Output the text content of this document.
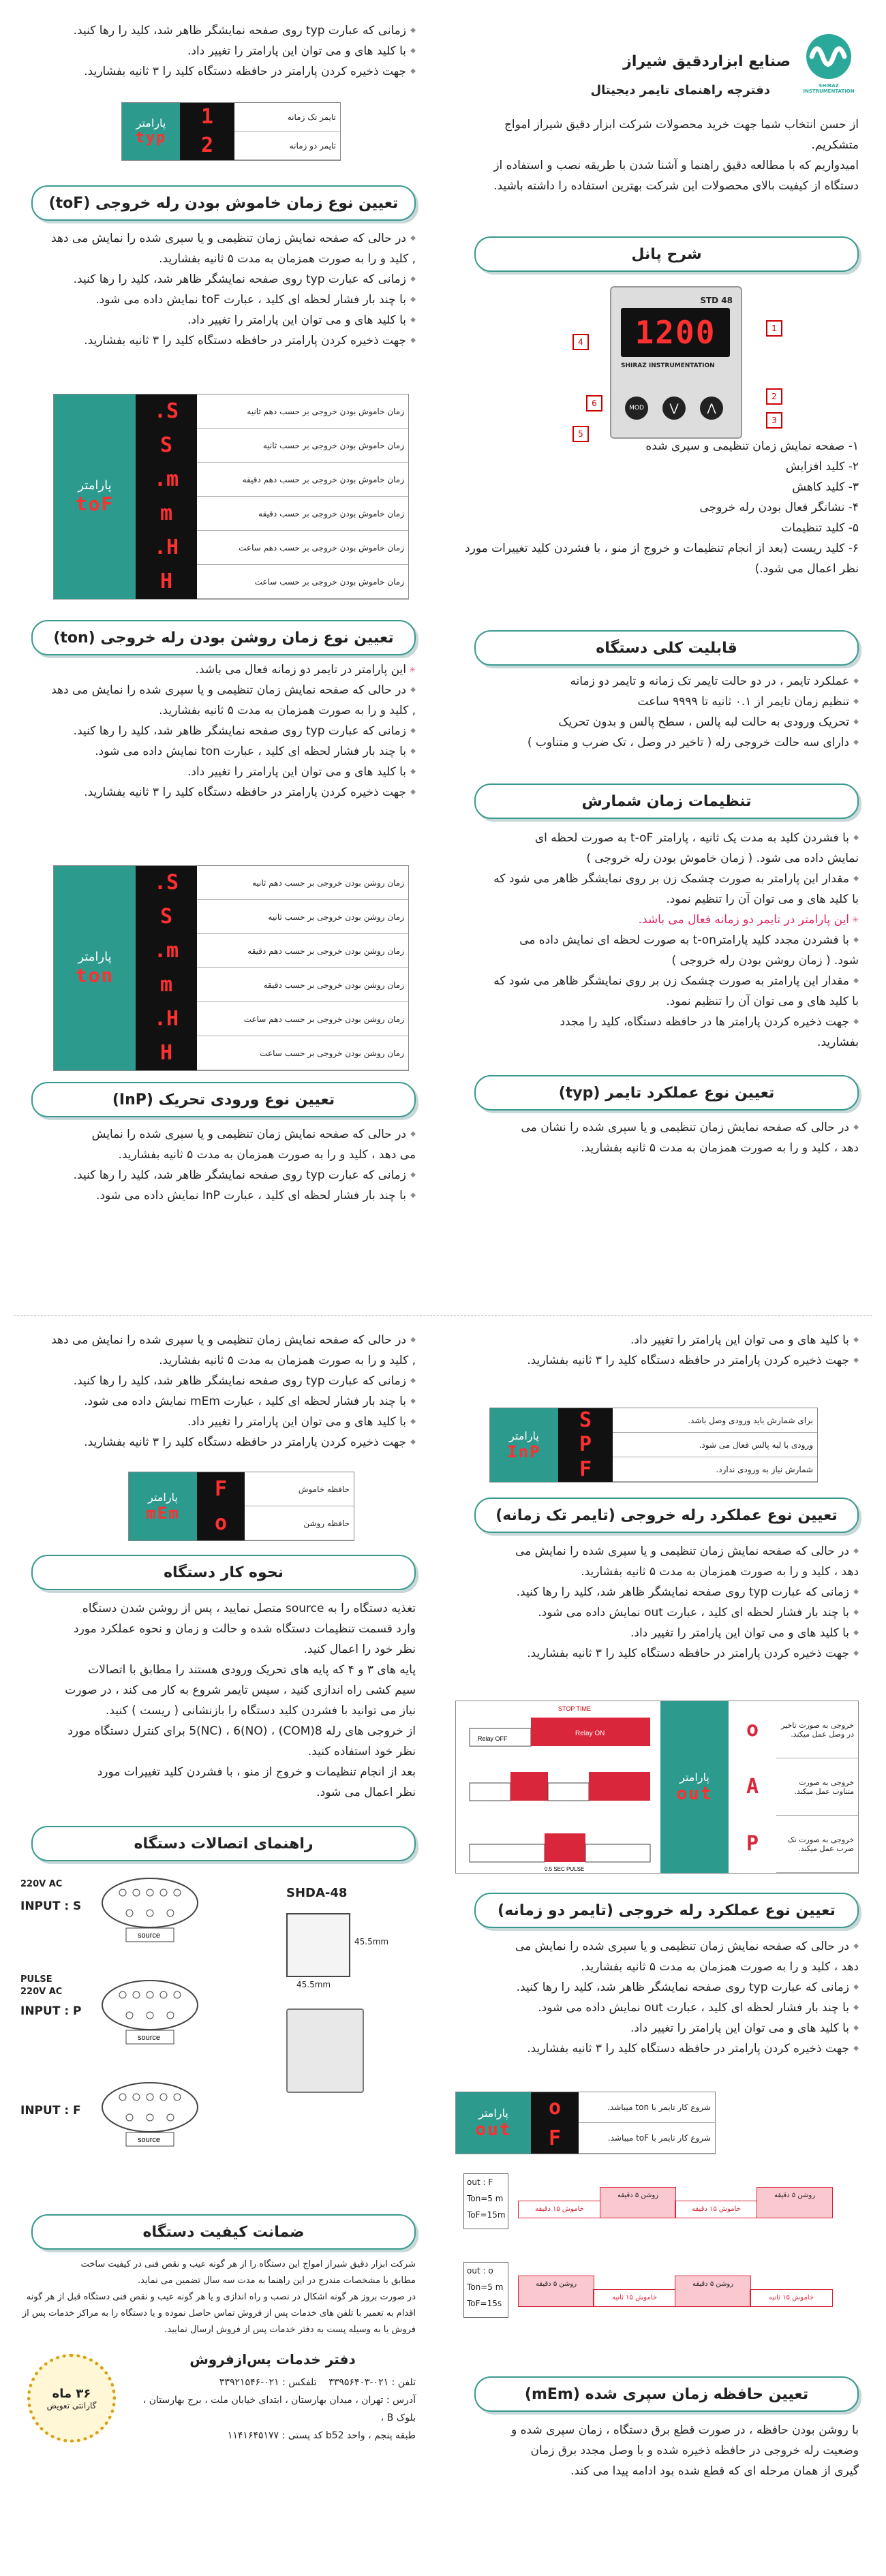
SHIRAZ INSTRUMENTATION
صنایع ابزاردقیق شیراز
دفترچه راهنمای تایمر دیجیتال

از حسن انتخاب شما جهت خرید محصولات شرکت ابزار دقیق شیراز امواج

متشکریم.

امیدواریم که با مطالعه دقیق راهنما و آشنا شدن با طریقه نصب و استفاده از

دستگاه از کیفیت بالای محصولات این شرکت بهترین استفاده را داشته باشید.

شرح پانل
STD 48
1200
SHIRAZ INSTRUMENTATION
MOD	⋁	⋀
1
2
3
4
5
6

۱- صفحه نمایش زمان تنظیمی و سپری شده

۲- کلید افزایش

۳- کلید کاهش

۴- نشانگر فعال بودن رله خروجی

۵- کلید تنظیمات

۶- کلید ریست (بعد از انجام تنظیمات و خروج از منو ، با فشردن کلید تغییرات مورد نظر اعمال می شود.)

قابلیت کلی دستگاه

◆ عملکرد تایمر ، در دو حالت تایمر تک زمانه و تایمر دو زمانه

◆ تنظیم زمان تایمر از ۰.۱ ثانیه تا ۹۹۹۹ ساعت

◆ تحریک ورودی به حالت لبه پالس ، سطح پالس و بدون تحریک

◆ دارای سه حالت خروجی رله ( تاخیر در وصل ، تک ضرب و متناوب )

تنظیمات زمان شمارش

◆ با فشردن کلید به مدت یک ثانیه ، پارامتر t-oF به صورت لحظه ای

نمایش داده می شود. ( زمان خاموش بودن رله خروجی )

◆ مقدار این پارامتر به صورت چشمک زن بر روی نمایشگر ظاهر می شود که

با کلید های و می توان آن را تنظیم نمود.

✳ این پارامتر در تایمر دو زمانه فعال می باشد.

◆ با فشردن مجدد کلید پارامترt-on به صورت لحظه ای نمایش داده می

شود. ( زمان روشن بودن رله خروجی )

◆ مقدار این پارامتر به صورت چشمک زن بر روی نمایشگر ظاهر می شود که

با کلید های و می توان آن را تنظیم نمود.

◆ جهت ذخیره کردن پارامتر ها در حافظه دستگاه، کلید را مجدد

بفشارید.

تعیین نوع عملکرد تایمر (typ)

◆ در حالی که صفحه نمایش زمان تنظیمی و یا سپری شده را نشان می

دهد ، کلید و را به صورت همزمان به مدت ۵ ثانیه بفشارید.

◆ زمانی که عبارت typ روی صفحه نمایشگر ظاهر شد، کلید را رها کنید.

◆ با کلید های و می توان این پارامتر را تغییر داد.

◆ جهت ذخیره کردن پارامتر در حافظه دستگاه کلید را ۳ ثانیه بفشارید.

تایمر تک زمانه
تایمر دو زمانه
1
2
پارامتر
typ
تعیین نوع زمان خاموش بودن رله خروجی (toF)

◆ در حالی که صفحه نمایش زمان تنظیمی و یا سپری شده را نمایش می دهد

, کلید و را به صورت همزمان به مدت ۵ ثانیه بفشارید.

◆ زمانی که عبارت typ روی صفحه نمایشگر ظاهر شد، کلید را رها کنید.

◆ با چند بار فشار لحظه ای کلید ، عبارت toF نمایش داده می شود.

◆ با کلید های و می توان این پارامتر را تغییر داد.

◆ جهت ذخیره کردن پارامتر در حافظه دستگاه کلید را ۳ ثانیه بفشارید.

زمان خاموش بودن خروجی بر حسب دهم ثانیه
زمان خاموش بودن خروجی بر حسب ثانیه
زمان خاموش بودن خروجی بر حسب دهم دقیقه
زمان خاموش بودن خروجی بر حسب دقیقه
زمان خاموش بودن خروجی بر حسب دهم ساعت
زمان خاموش بودن خروجی بر حسب ساعت
S.
S
m.
m
H.
H
پارامتر
toF
تعیین نوع زمان روشن بودن رله خروجی (ton)

✳ این پارامتر در تایمر دو زمانه فعال می باشد.

◆ در حالی که صفحه نمایش زمان تنظیمی و یا سپری شده را نمایش می دهد

, کلید و را به صورت همزمان به مدت ۵ ثانیه بفشارید.

◆ زمانی که عبارت typ روی صفحه نمایشگر ظاهر شد، کلید را رها کنید.

◆ با چند بار فشار لحظه ای کلید ، عبارت ton نمایش داده می شود.

◆ با کلید های و می توان این پارامتر را تغییر داد.

◆ جهت ذخیره کردن پارامتر در حافظه دستگاه کلید را ۳ ثانیه بفشارید.

زمان روشن بودن خروجی بر حسب دهم ثانیه
زمان روشن بودن خروجی بر حسب ثانیه
زمان روشن بودن خروجی بر حسب دهم دقیقه
زمان روشن بودن خروجی بر حسب دقیقه
زمان روشن بودن خروجی بر حسب دهم ساعت
زمان روشن بودن خروجی بر حسب ساعت
S.
S
m.
m
H.
H
پارامتر
ton
تعیین نوع ورودی تحریک (InP)

◆ در حالی که صفحه نمایش زمان تنظیمی و یا سپری شده را نمایش

می دهد ، کلید و را به صورت همزمان به مدت ۵ ثانیه بفشارید.

◆ زمانی که عبارت typ روی صفحه نمایشگر ظاهر شد، کلید را رها کنید.

◆ با چند بار فشار لحظه ای کلید ، عبارت InP نمایش داده می شود.

◆ با کلید های و می توان این پارامتر را تغییر داد.

◆ جهت ذخیره کردن پارامتر در حافظه دستگاه کلید را ۳ ثانیه بفشارید.

برای شمارش باید ورودی وصل باشد.
ورودی با لبه پالس فعال می شود.
شمارش نیاز به ورودی ندارد.
S
P
F
پارامتر
InP
تعیین نوع عملکرد رله خروجی (تایمر تک زمانه)

◆ در حالی که صفحه نمایش زمان تنظیمی و یا سپری شده را نمایش می

دهد ، کلید و را به صورت همزمان به مدت ۵ ثانیه بفشارید.

◆ زمانی که عبارت typ روی صفحه نمایشگر ظاهر شد، کلید را رها کنید.

◆ با چند بار فشار لحظه ای کلید ، عبارت out نمایش داده می شود.

◆ با کلید های و می توان این پارامتر را تغییر داد.

◆ جهت ذخیره کردن پارامتر در حافظه دستگاه کلید را ۳ ثانیه بفشارید.

STOP TIME
Relay OFF
Relay ON
0.5 SEC PULSE
خروجی به صورت تاخیر در وصل عمل میکند.
خروجی به صورت متناوب عمل میکند.
خروجی به صورت تک ضرب عمل میکند.
o
A
P
پارامتر
out
تعیین نوع عملکرد رله خروجی (تایمر دو زمانه)

◆ در حالی که صفحه نمایش زمان تنظیمی و یا سپری شده را نمایش می

دهد ، کلید و را به صورت همزمان به مدت ۵ ثانیه بفشارید.

◆ زمانی که عبارت typ روی صفحه نمایشگر ظاهر شد، کلید را رها کنید.

◆ با چند بار فشار لحظه ای کلید ، عبارت out نمایش داده می شود.

◆ با کلید های و می توان این پارامتر را تغییر داد.

◆ جهت ذخیره کردن پارامتر در حافظه دستگاه کلید را ۳ ثانیه بفشارید.

شروع کار تایمر با ton میباشد.
شروع کار تایمر با toF میباشد.
o
F
پارامتر
out
out : F
Ton=5 m
ToF=15m
خاموش ۱۵ دقیقه
روشن ۵ دقیقه
خاموش ۱۵ دقیقه
روشن ۵ دقیقه
out : o
Ton=5 m
ToF=15s
روشن ۵ دقیقه
خاموش ۱۵ ثانیه
روشن ۵ دقیقه
خاموش ۱۵ ثانیه
تعیین حافظه زمان سپری شده (mEm)

با روشن بودن حافظه ، در صورت قطع برق دستگاه ، زمان سپری شده و

وضعیت رله خروجی در حافظه ذخیره شده و با وصل مجدد برق زمان

گیری از همان مرحله ای که قطع شده بود ادامه پیدا می کند.

◆ در حالی که صفحه نمایش زمان تنظیمی و یا سپری شده را نمایش می دهد

, کلید و را به صورت همزمان به مدت ۵ ثانیه بفشارید.

◆ زمانی که عبارت typ روی صفحه نمایشگر ظاهر شد، کلید را رها کنید.

◆ با چند بار فشار لحظه ای کلید ، عبارت mEm نمایش داده می شود.

◆ با کلید های و می توان این پارامتر را تغییر داد.

◆ جهت ذخیره کردن پارامتر در حافظه دستگاه کلید را ۳ ثانیه بفشارید.

حافظه خاموش
حافظه روشن
F
o
پارامتر
mEm
نحوه کار دستگاه

تغذیه دستگاه را به source متصل نمایید ، پس از روشن شدن دستگاه

وارد قسمت تنظیمات دستگاه شده و حالت و زمان و نحوه عملکرد مورد

نظر خود را اعمال کنید.

پایه های ۳ و ۴ که پایه های تحریک ورودی هستند را مطابق با اتصالات

سیم کشی راه اندازی کنید ، سپس تایمر شروع به کار می کند ، در صورت

نیاز می توانید با فشردن کلید دستگاه را بازنشانی ( ریست ) کنید.

از خروجی های رله 8(COM) ، 5(NC) ، 6(NO) برای کنترل دستگاه مورد

نظر خود استفاده کنید.

بعد از انجام تنظیمات و خروج از منو ، با فشردن کلید تغییرات مورد

نظر اعمال می شود.

راهنمای اتصالات دستگاه
220V AC
INPUT : S
source
PULSE
220V AC
INPUT : P
source
INPUT : F
source
SHDA-48
45.5mm
45.5mm
ضمانت کیفیت دستگاه

شرکت ابزار دقیق شیراز امواج این دستگاه را از هر گونه عیب و نقص فنی در کیفیت ساخت

مطابق با مشخصات مندرج در این راهنما به مدت سه سال تضمین می نماید.

در صورت بروز هر گونه اشکال در نصب و راه اندازی و یا هر گونه عیب و نقص فنی دستگاه قبل از هر گونه

اقدام به تعمیر با تلفن های خدمات پس از فروش تماس حاصل نموده و یا دستگاه را به مراکز خدمات پس از

فروش یا به وسیله پست به دفتر خدمات پس از فروش ارسال نمایید.

۳۶ ماه
گارانتی تعویض
دفتر خدمات پس‌ازفروش
تلفن : ۰۲۱-۳۳۹۵۶۴۰۳    تلفکس : ۰۲۱-۳۳۹۲۱۵۴۶
آدرس : تهران ، میدان بهارستان ، ابتدای خیابان ملت ، برج بهارستان ، بلوک B ،
طبقه پنجم ، واحد b52 کد پستی : ۱۱۴۱۶۴۵۱۷۷
